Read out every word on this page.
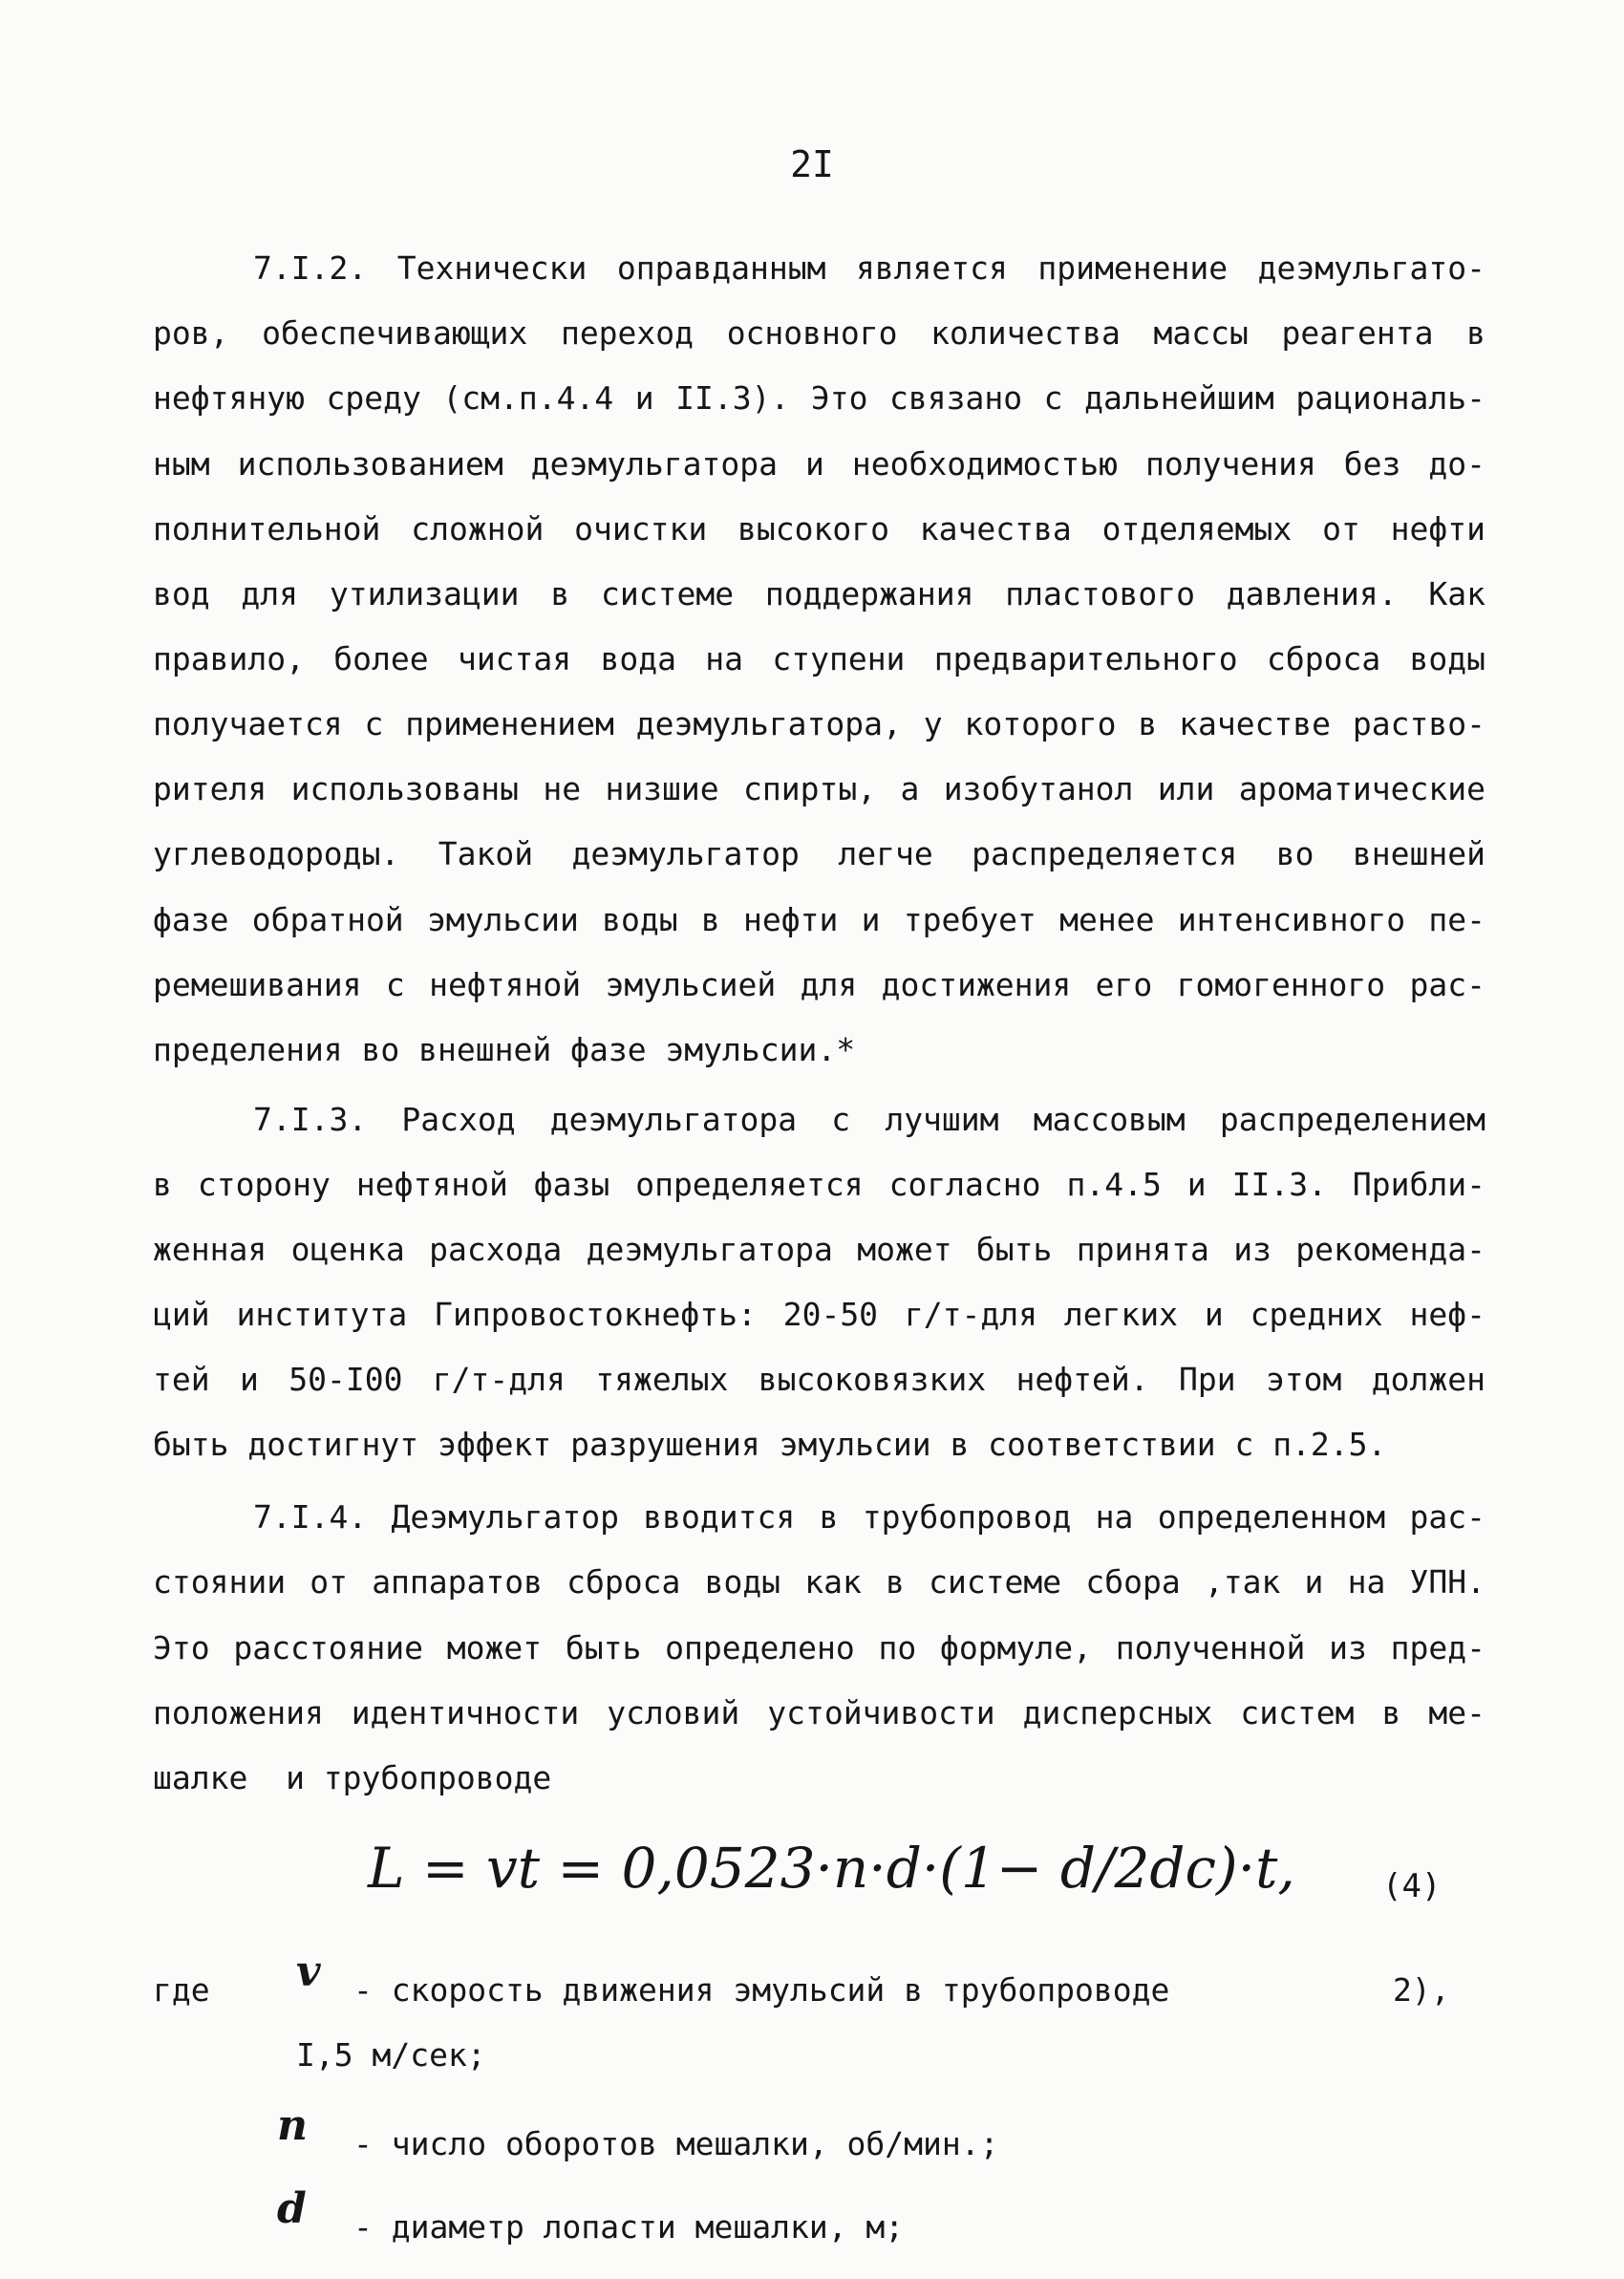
2I
7.I.2. Технически оправданным является применение деэмульгато-
ров, обеспечивающих переход основного количества массы реагента в
нефтяную среду (см.п.4.4 и II.3). Это связано с дальнейшим рациональ-
ным использованием деэмульгатора и необходимостью получения без до-
полнительной сложной очистки высокого качества отделяемых от нефти
вод для утилизации в системе поддержания пластового давления. Как
правило, более чистая вода на ступени предварительного сброса воды
получается с применением деэмульгатора, у которого в качестве раство-
рителя использованы не низшие спирты, а изобутанол или ароматические
углеводороды. Такой деэмульгатор легче распределяется во внешней
фазе обратной эмульсии воды в нефти и требует менее интенсивного пе-
ремешивания с нефтяной эмульсией для достижения его гомогенного рас-
пределения во внешней фазе эмульсии.*
7.I.3. Расход деэмульгатора с лучшим массовым распределением
в сторону нефтяной фазы определяется согласно п.4.5 и II.3. Прибли-
женная оценка расхода деэмульгатора может быть принята из рекоменда-
ций института Гипровостокнефть: 20-50 г/т-для легких и средних неф-
тей и 50-I00 г/т-для тяжелых высоковязких нефтей. При этом должен
быть достигнут эффект разрушения эмульсии в соответствии с п.2.5.
7.I.4. Деэмульгатор вводится в трубопровод на определенном рас-
стоянии от аппаратов сброса воды как в системе сбора ,так и на УПН.
Это расстояние может быть определено по формуле, полученной из пред-
положения идентичности условий устойчивости дисперсных систем в ме-
шалке  и трубопроводе
L = vt = 0,0523·n·d·(1− d/2dc)·t,	(4)
где v - скорость движения эмульсий в трубопроводе	2),
I,5 м/сек;
n - число оборотов мешалки, об/мин.;
d - диаметр лопасти мешалки, м;
